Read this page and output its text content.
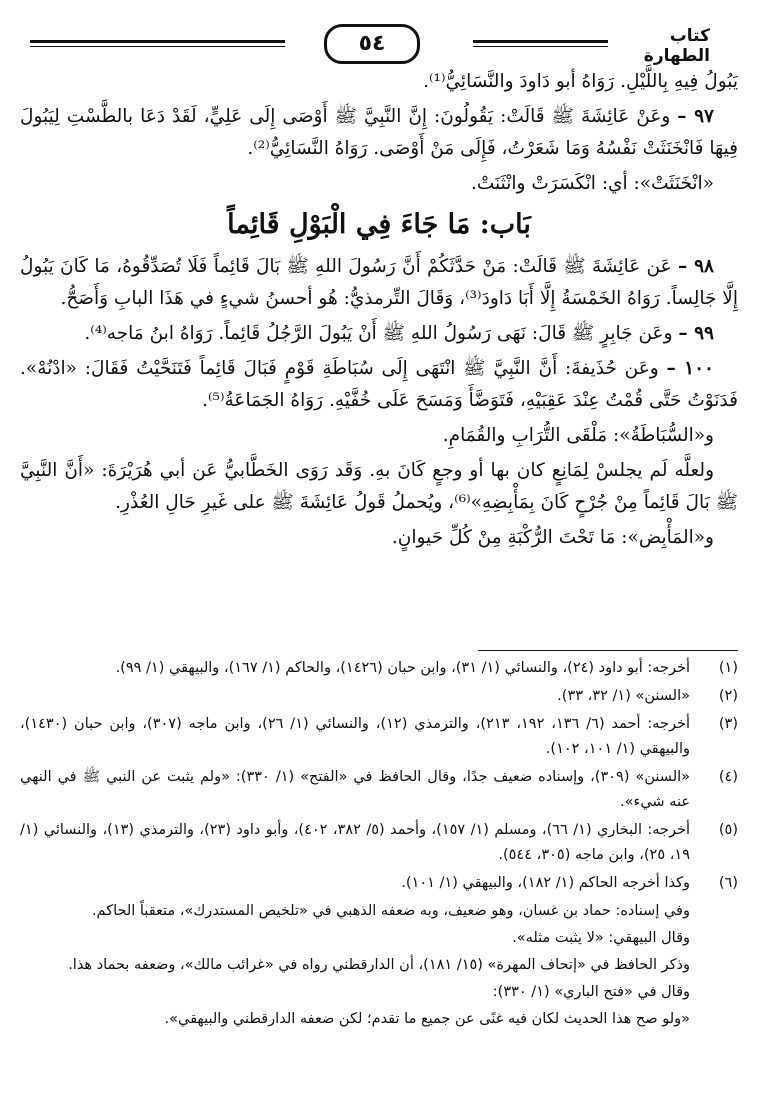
كتاب الطهارة
٥٤

يَبُولُ فِيهِ بِاللَّيْلِ. رَوَاهُ أبو دَاودَ والنَّسَائِيُّ⁽¹⁾.

٩٧ – وعَنْ عَائِشَةَ ﷺ قَالَتْ: يَقُولُونَ: إِنَّ النَّبِيَّ ﷺ أَوْصَى إِلَى عَلِيٍّ، لَقَدْ دَعَا بالطَّسْتِ لِيَبُولَ فِيهَا فَانْخَنَثَتْ نَفْسُهُ وَمَا شَعَرْتُ، فَإِلَى مَنْ أَوْصَى. رَوَاهُ النَّسَائِيُّ⁽²⁾.

«انْخَنَثَتْ»: أي: انْكَسَرَتْ وانْثَنَتْ.

بَاب: مَا جَاءَ فِي الْبَوْلِ قَائِماً

٩٨ – عَن عَائِشَةَ ﷺ قَالَتْ: مَنْ حَدَّثَكُمْ أَنَّ رَسُولَ اللهِ ﷺ بَالَ قَائِماً فَلَا تُصَدِّقُوهُ، مَا كَانَ يَبُولُ إِلَّا جَالِساً. رَوَاهُ الخَمْسَةُ إِلَّا أَبَا دَاودَ⁽³⁾، وَقَالَ التِّرمذيُّ: هُو أحسنُ شيءٍ في هَذَا البابِ وَأَصَحُّ.

٩٩ – وعَن جَابِرٍ ﷺ قَالَ: نَهَى رَسُولُ اللهِ ﷺ أَنْ يَبُولَ الرَّجُلُ قَائِماً. رَوَاهُ ابنُ مَاجه⁽⁴⁾.

١٠٠ – وعَن حُذَيفةَ: أَنَّ النَّبِيَّ ﷺ انْتَهَى إِلَى سُبَاطَةِ قَوْمٍ فَبَالَ قَائِماً فَتَنَحَّيْتُ فَقَالَ: «ادْنُهْ». فَدَنَوْتُ حَتَّى قُمْتُ عِنْدَ عَقِبَيْهِ، فَتَوَضَّأَ وَمَسَحَ عَلَى خُفَّيْهِ. رَوَاهُ الجَمَاعَةُ⁽⁵⁾.

و«السُّبَاطَةُ»: مَلْقَى التُّرَابِ والقُمَامِ.

ولعلَّه لَم يجلسْ لِمَانِعٍ كان بها أو وجعٍ كَانَ بهِ. وَقَد رَوَى الخَطَّابيُّ عَن أبي هُرَيْرَةَ: «أَنَّ النَّبِيَّ ﷺ بَالَ قَائِماً مِنْ جُرْحٍ كَانَ بِمَأْبِضِهِ»⁽⁶⁾، ويُحملُ قَولُ عَائِشَةَ ﷺ على غَيرِ حَالِ العُذْرِ.

و«المَأْبِض»: مَا تَحْتَ الرُّكْبَةِ مِنْ كُلِّ حَيوانٍ.

(١)
أخرجه: أبو داود (٢٤)، والنسائي (١/ ٣١)، وابن حبان (١٤٢٦)، والحاكم (١/ ١٦٧)، والبيهقي (١/ ٩٩).
(٢)
«السنن» (١/ ٣٢، ٣٣).
(٣)
أخرجه: أحمد (٦/ ١٣٦، ١٩٢، ٢١٣)، والترمذي (١٢)، والنسائي (١/ ٢٦)، وابن ماجه (٣٠٧)، وابن حبان (١٤٣٠)، والبيهقي (١/ ١٠١، ١٠٢).
(٤)
«السنن» (٣٠٩)، وإسناده ضعيف جدًا، وقال الحافظ في «الفتح» (١/ ٣٣٠): «ولم يثبت عن النبي ﷺ في النهي عنه شيء».
(٥)
أخرجه: البخاري (١/ ٦٦)، ومسلم (١/ ١٥٧)، وأحمد (٥/ ٣٨٢، ٤٠٢)، وأبو داود (٢٣)، والترمذي (١٣)، والنسائي (١/ ١٩، ٢٥)، وابن ماجه (٣٠٥، ٥٤٤).
(٦)
وكذا أخرجه الحاكم (١/ ١٨٢)، والبيهقي (١/ ١٠١).
وفي إسناده: حماد بن غسان، وهو ضعيف، وبه ضعفه الذهبي في «تلخيص المستدرك»، متعقباً الحاكم.
وقال البيهقي: «لا يثبت مثله».
وذكر الحافظ في «إتحاف المهرة» (١٥/ ١٨١)، أن الدارقطني رواه في «غرائب مالك»، وضعفه بحماد هذا.
وقال في «فتح الباري» (١/ ٣٣٠):
«ولو صح هذا الحديث لكان فيه غنًى عن جميع ما تقدم؛ لكن ضعفه الدارقطني والبيهقي».
